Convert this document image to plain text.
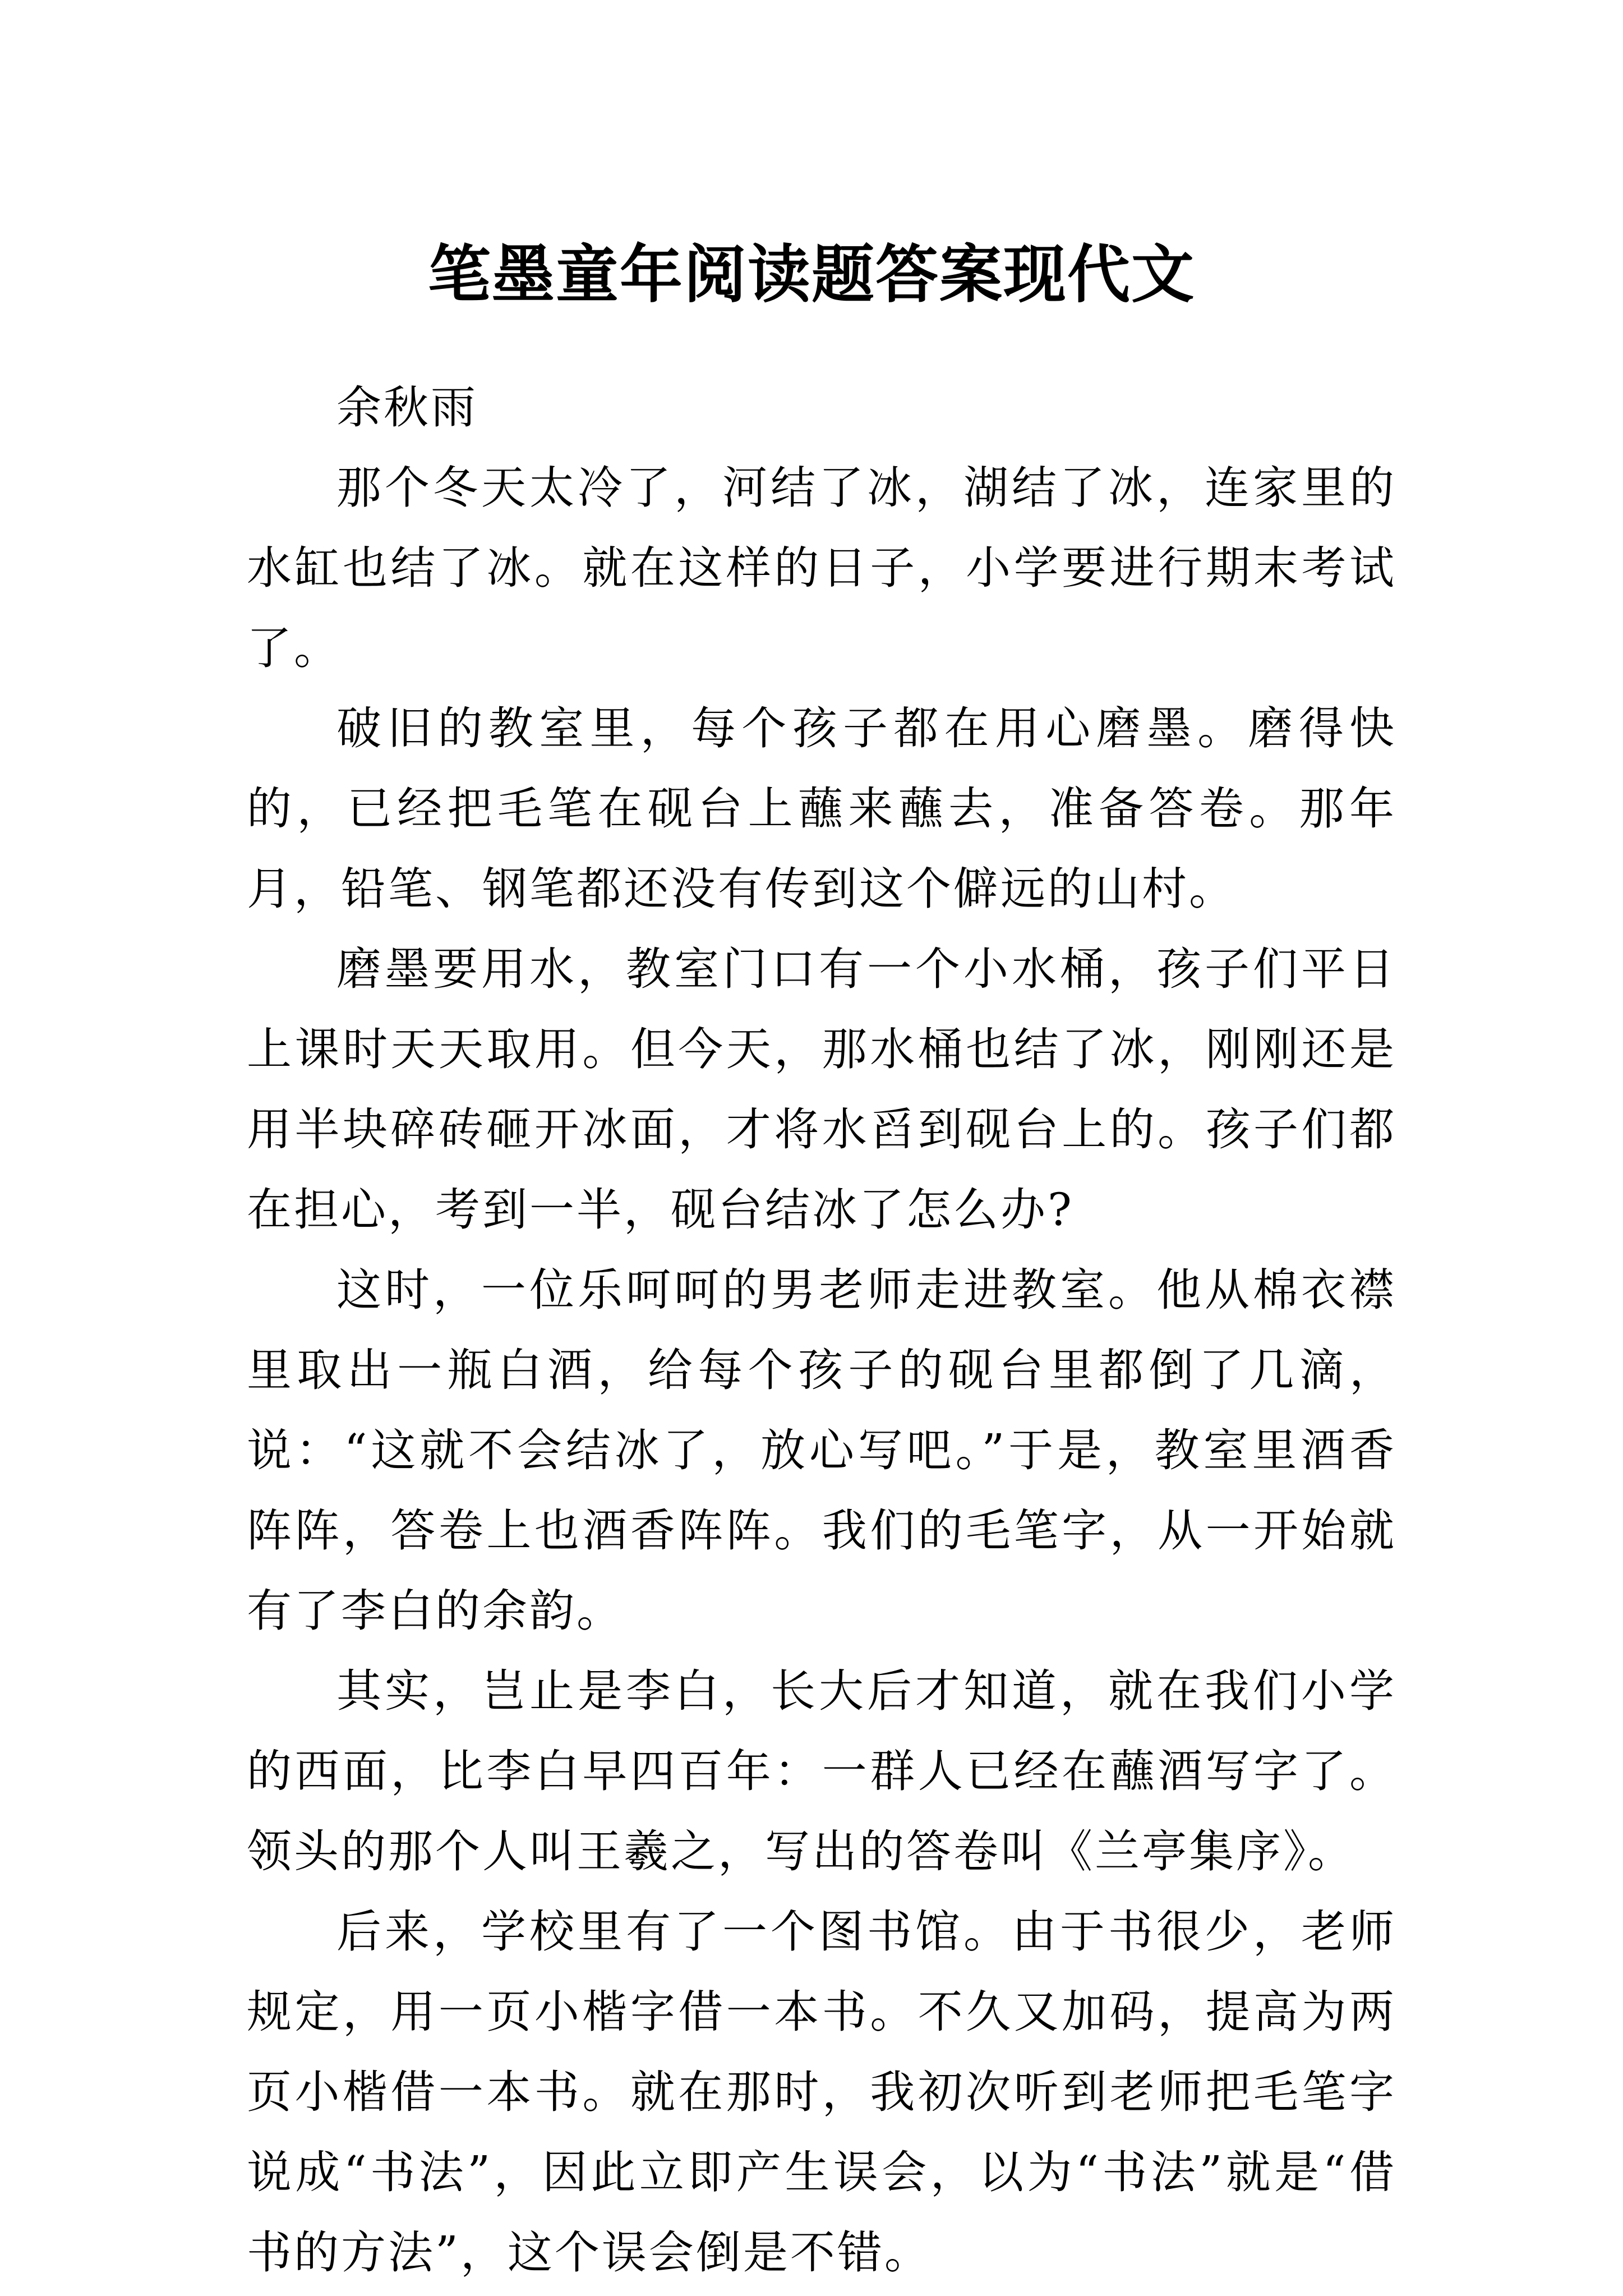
笔墨童年阅读题答案现代文

余秋雨

那个冬天太冷了，河结了冰，湖结了冰，连家里的水缸也结了冰。就在这样的日子，小学要进行期末考试了。

破旧的教室里，每个孩子都在用心磨墨。磨得快的，已经把毛笔在砚台上蘸来蘸去，准备答卷。那年月，铅笔、钢笔都还没有传到这个僻远的山村。

磨墨要用水，教室门口有一个小水桶，孩子们平日上课时天天取用。但今天，那水桶也结了冰，刚刚还是用半块碎砖砸开冰面，才将水舀到砚台上的。孩子们都在担心，考到一半，砚台结冰了怎么办?

这时，一位乐呵呵的男老师走进教室。他从棉衣襟里取出一瓶白酒，给每个孩子的砚台里都倒了几滴，说：“这就不会结冰了，放心写吧。”于是，教室里酒香阵阵，答卷上也酒香阵阵。我们的毛笔字，从一开始就有了李白的余韵。

其实，岂止是李白，长大后才知道，就在我们小学的西面，比李白早四百年：一群人已经在蘸酒写字了。领头的那个人叫王羲之，写出的答卷叫《兰亭集序》。

后来，学校里有了一个图书馆。由于书很少，老师规定，用一页小楷字借一本书。不久又加码，提高为两页小楷借一本书。就在那时，我初次听到老师把毛笔字说成“书法”，因此立即产生误会，以为“书法”就是“借书的方法”，这个误会倒是不错。
